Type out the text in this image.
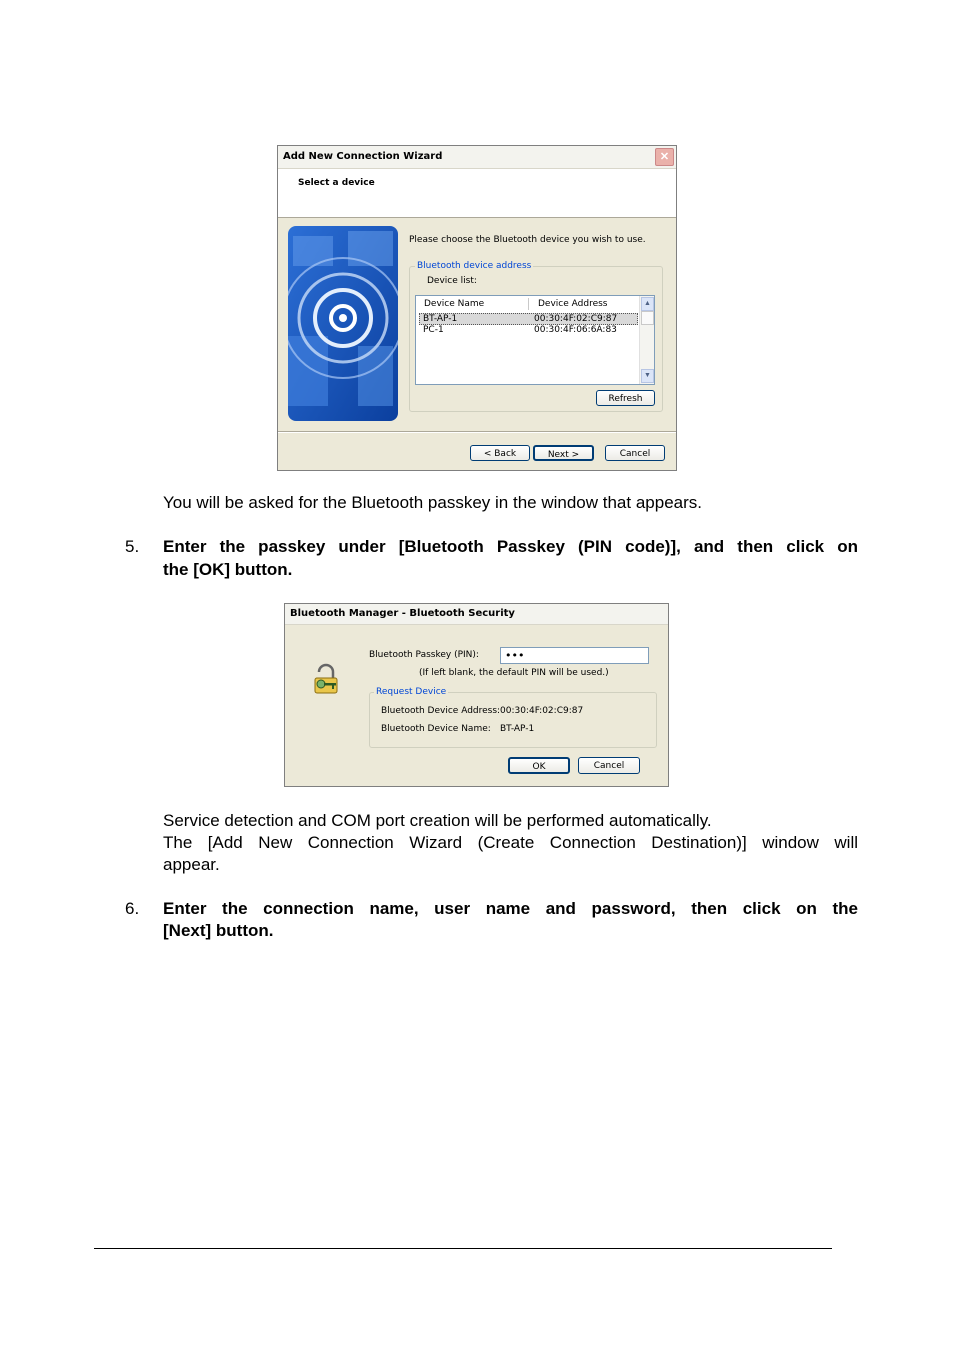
Add New Connection Wizard	✕
Select a device
Please choose the Bluetooth device you wish to use.
Bluetooth device address
Device list:
Device Name	Device Address
BT-AP-1	00:30:4F:02:C9:87
PC-1	00:30:4F:06:6A:83
▲
▼
Refresh
< Back	Next >	Cancel
You will be asked for the Bluetooth passkey in the window that appears.
5. Enter the passkey under [Bluetooth Passkey (PIN code)], and then click on
the [OK] button.
Bluetooth Manager - Bluetooth Security
Bluetooth Passkey (PIN): •••
(If left blank, the default PIN will be used.)
Request Device
Bluetooth Device Address: 00:30:4F:02:C9:87
Bluetooth Device Name: BT-AP-1
OK	Cancel
Service detection and COM port creation will be performed automatically.
The [Add New Connection Wizard (Create Connection Destination)] window will
appear.
6. Enter the connection name, user name and password, then click on the
[Next] button.
